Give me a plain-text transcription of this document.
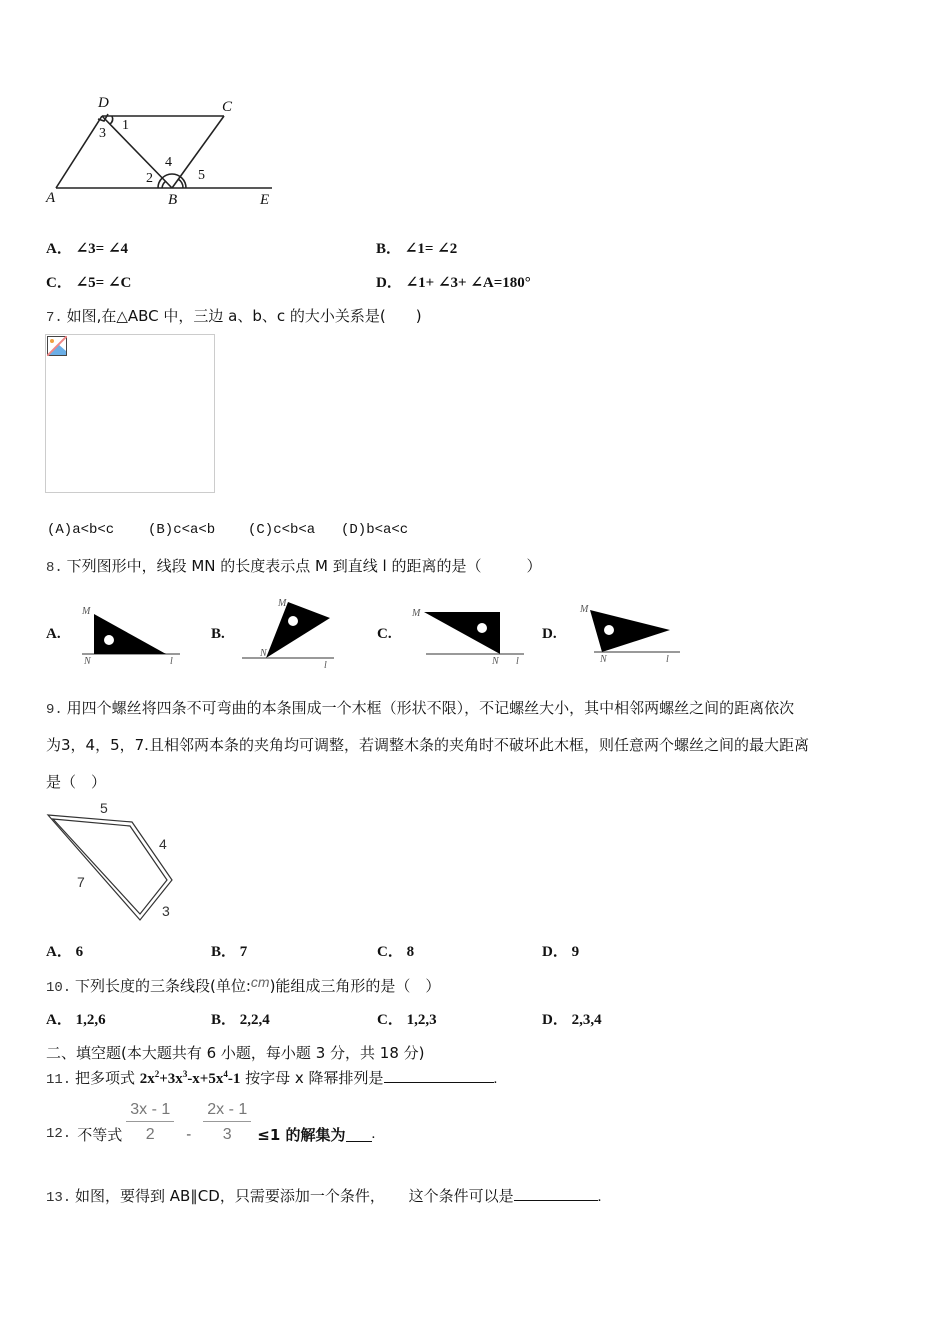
D	C
A	B	E
1
2
3
4
5
A． ∠3= ∠4	B． ∠1= ∠2
C． ∠5= ∠C	D． ∠1+ ∠3+ ∠A=180°
7. 如图,在△ABC 中，三边 a、b、c 的大小关系是(　　)
(A)a<b<c (B)c<a<b (C)c<b<a (D)b<a<c
8. 下列图形中，线段 MN 的长度表示点 M 到直线 l 的距离的是（　　　）
A.
M
N	l
B.
M
N
l
C.
M
N l
D.
M
N	l
9. 用四个螺丝将四条不可弯曲的本条围成一个木框（形状不限），不记螺丝大小，其中相邻两螺丝之间的距离依次
为3，4，5，7.且相邻两本条的夹角均可调整，若调整木条的夹角时不破坏此木框，则任意两个螺丝之间的最大距离
是（　）
5
4
7
3
A． 6	B． 7	C． 8	D． 9
10. 下列长度的三条线段(单位:cm)能组成三角形的是（　）
A． 1,2,6	B． 2,2,4	C． 1,2,3	D． 2,3,4
二、填空题(本大题共有 6 小题，每小题 3 分，共 18 分)
11. 把多项式 $2x^2+3x^3-x+5x^4-1$ 按字母 x 降幂排列是	.
12. 不等式 $\frac{3x - 1}{2} - \frac{2x - 1}{3} \le 1$ 的解集为 .
13. 如图，要得到 AB∥CD，只需要添加一个条件， 这个条件可以是	.
